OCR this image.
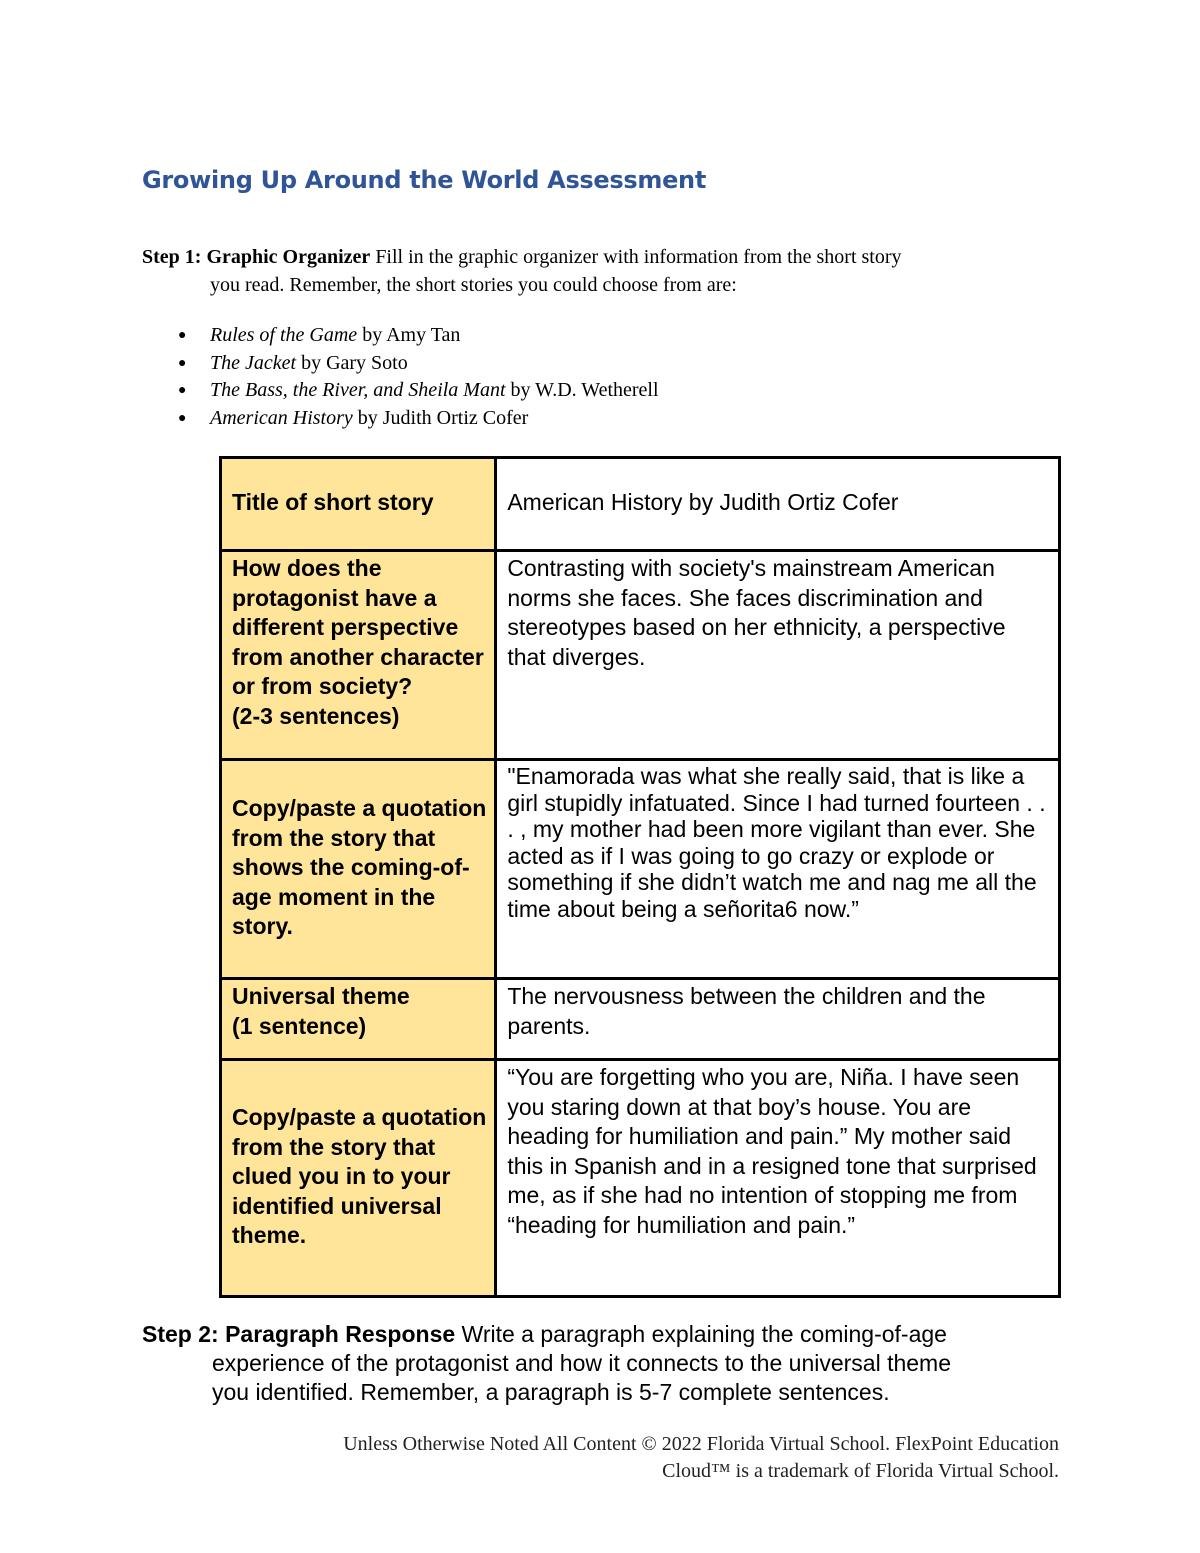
Growing Up Around the World Assessment
Step 1: Graphic Organizer Fill in the graphic organizer with information from the short story
you read. Remember, the short stories you could choose from are:
● Rules of the Game by Amy Tan
● The Jacket by Gary Soto
● The Bass, the River, and Sheila Mant by W.D. Wetherell
● American History by Judith Ortiz Cofer
Title of short story	American History by Judith Ortiz Cofer

How does the protagonist have a different perspective from another character or from society?
(2-3 sentences)	Contrasting with society's mainstream American norms she faces. She faces discrimination and stereotypes based on her ethnicity, a perspective that diverges.
Copy/paste a quotation from the story that shows the coming-of-age moment in the story.	"Enamorada was what she really said, that is like a girl stupidly infatuated. Since I had turned fourteen . . . , my mother had been more vigilant than ever. She acted as if I was going to go crazy or explode or something if she didn’t watch me and nag me all the time about being a señorita6 now.”

Universal theme
(1 sentence)	The nervousness between the children and the parents.
Copy/paste a quotation from the story that clued you in to your identified universal theme.	“You are forgetting who you are, Niña. I have seen you staring down at that boy’s house. You are heading for humiliation and pain.” My mother said this in Spanish and in a resigned tone that surprised me, as if she had no intention of stopping me from “heading for humiliation and pain.”
Step 2: Paragraph Response Write a paragraph explaining the coming-of-age
experience of the protagonist and how it connects to the universal theme
you identified. Remember, a paragraph is 5-7 complete sentences.
Unless Otherwise Noted All Content © 2022 Florida Virtual School. FlexPoint Education
Cloud™ is a trademark of Florida Virtual School.
